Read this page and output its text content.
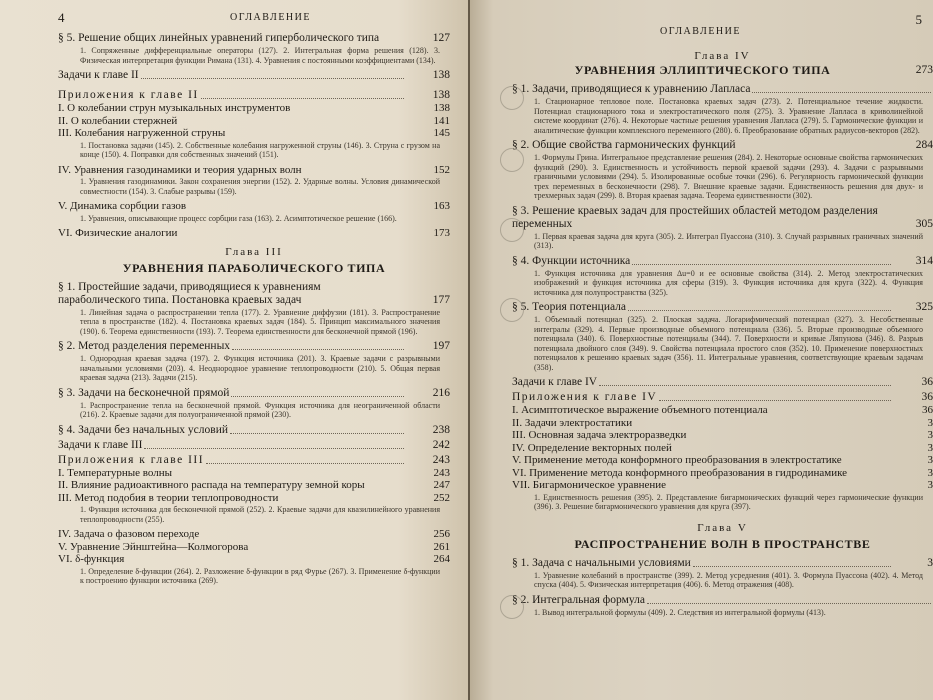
4	ОГЛАВЛЕНИЕ
§ 5. Решение общих линейных уравнений гиперболического типа	127
1. Сопряженные дифференциальные операторы (127). 2. Интегральная форма решения (128). 3. Физическая интерпретация функции Римана (131). 4. Уравнения с постоянными коэффициентами (134).
Задачи к главе II	138
Приложения к главе II	138
I. О колебании струн музыкальных инструментов	138
II. О колебании стержней	141
III. Колебания нагруженной струны	145
1. Постановка задачи (145). 2. Собственные колебания нагруженной струны (146). 3. Струна с грузом на конце (150). 4. Поправки для собственных значений (151).
IV. Уравнения газодинамики и теория ударных волн	152
1. Уравнения газодинамики. Закон сохранения энергии (152). 2. Ударные волны. Условия динамической совместности (154). 3. Слабые разрывы (159).
V. Динамика сорбции газов	163
1. Уравнения, описывающие процесс сорбции газа (163). 2. Асимптотическое решение (166).
VI. Физические аналогии	173
Глава III
УРАВНЕНИЯ ПАРАБОЛИЧЕСКОГО ТИПА
§ 1. Простейшие задачи, приводящиеся к уравнениям параболического типа. Постановка краевых задач	177
1. Линейная задача о распространении тепла (177). 2. Уравнение диффузии (181). 3. Распространение тепла в пространстве (182). 4. Постановка краевых задач (184). 5. Принцип максимального значения (190). 6. Теорема единственности (193). 7. Теорема единственности для бесконечной прямой (196).
§ 2. Метод разделения переменных	197
1. Однородная краевая задача (197). 2. Функция источника (201). 3. Краевые задачи с разрывными начальными условиями (203). 4. Неоднородное уравнение теплопроводности (210). 5. Общая первая краевая задача (213). Задачи (215).
§ 3. Задачи на бесконечной прямой	216
1. Распространение тепла на бесконечной прямой. Функция источника для неограниченной области (216). 2. Краевые задачи для полуограниченной прямой (230).
§ 4. Задачи без начальных условий	238
Задачи к главе III	242
Приложения к главе III	243
I. Температурные волны	243
II. Влияние радиоактивного распада на температуру земной коры	247
III. Метод подобия в теории теплопроводности	252
1. Функция источника для бесконечной прямой (252). 2. Краевые задачи для квазилинейного уравнения теплопроводности (255).
IV. Задача о фазовом переходе	256
V. Уравнение Эйнштейна—Колмогорова	261
VI. δ-функция	264
1. Определение δ-функции (264). 2. Разложение δ-функции в ряд Фурье (267). 3. Применение δ-функции к построению функции источника (269).
ОГЛАВЛЕНИЕ
5
Глава IV
УРАВНЕНИЯ ЭЛЛИПТИЧЕСКОГО ТИПА	273
§ 1. Задачи, приводящиеся к уравнению Лапласа
1. Стационарное тепловое поле. Постановка краевых задач (273). 2. Потенциальное течение жидкости. Потенциал стационарного тока и электростатического поля (275). 3. Уравнение Лапласа в криволинейной системе координат (276). 4. Некоторые частные решения уравнения Лапласа (279). 5. Гармонические функции и аналитические функции комплексного переменного (280). 6. Преобразование обратных радиусов-векторов (282).
§ 2. Общие свойства гармонических функций	284
1. Формулы Грина. Интегральное представление решения (284). 2. Некоторые основные свойства гармонических функций (290). 3. Единственность и устойчивость первой краевой задачи (293). 4. Задачи с разрывными граничными условиями (294). 5. Изолированные особые точки (296). 6. Регулярность гармонической функции трех переменных в бесконечности (298). 7. Внешние краевые задачи. Единственность решения для двух- и трехмерных задач (299). 8. Вторая краевая задача. Теорема единственности (302).
§ 3. Решение краевых задач для простейших областей методом разделения переменных	305
1. Первая краевая задача для круга (305). 2. Интеграл Пуассона (310). 3. Случай разрывных граничных значений (313).
§ 4. Функции источника	314
1. Функция источника для уравнения Δu=0 и ее основные свойства (314). 2. Метод электростатических изображений и функция источника для сферы (319). 3. Функция источника для круга (322). 4. Функция источника для полупространства (325).
§ 5. Теория потенциала	325
1. Объемный потенциал (325). 2. Плоская задача. Логарифмический потенциал (327). 3. Несобственные интегралы (329). 4. Первые производные объемного потенциала (336). 5. Вторые производные объемного потенциала (340). 6. Поверхностные потенциалы (344). 7. Поверхности и кривые Ляпунова (346). 8. Разрыв потенциала двойного слоя (349). 9. Свойства потенциала простого слоя (352). 10. Применение поверхностных потенциалов к решению краевых задач (356). 11. Интегральные уравнения, соответствующие краевым задачам (358).
Задачи к главе IV	36
Приложения к главе IV	36
I. Асимптотическое выражение объемного потенциала	36
II. Задачи электростатики	3
III. Основная задача электроразведки	3
IV. Определение векторных полей	3
V. Применение метода конформного преобразования в электростатике	3
VI. Применение метода конформного преобразования в гидродинамике	3
VII. Бигармоническое уравнение	3
1. Единственность решения (395). 2. Представление бигармонических функций через гармонические функции (396). 3. Решение бигармонического уравнения для круга (397).
Глава V
РАСПРОСТРАНЕНИЕ ВОЛН В ПРОСТРАНСТВЕ
§ 1. Задача с начальными условиями	3
1. Уравнение колебаний в пространстве (399). 2. Метод усреднения (401). 3. Формула Пуассона (402). 4. Метод спуска (404). 5. Физическая интерпретация (406). 6. Метод отражения (408).
§ 2. Интегральная формула
1. Вывод интегральной формулы (409). 2. Следствия из интегральной формулы (413).
